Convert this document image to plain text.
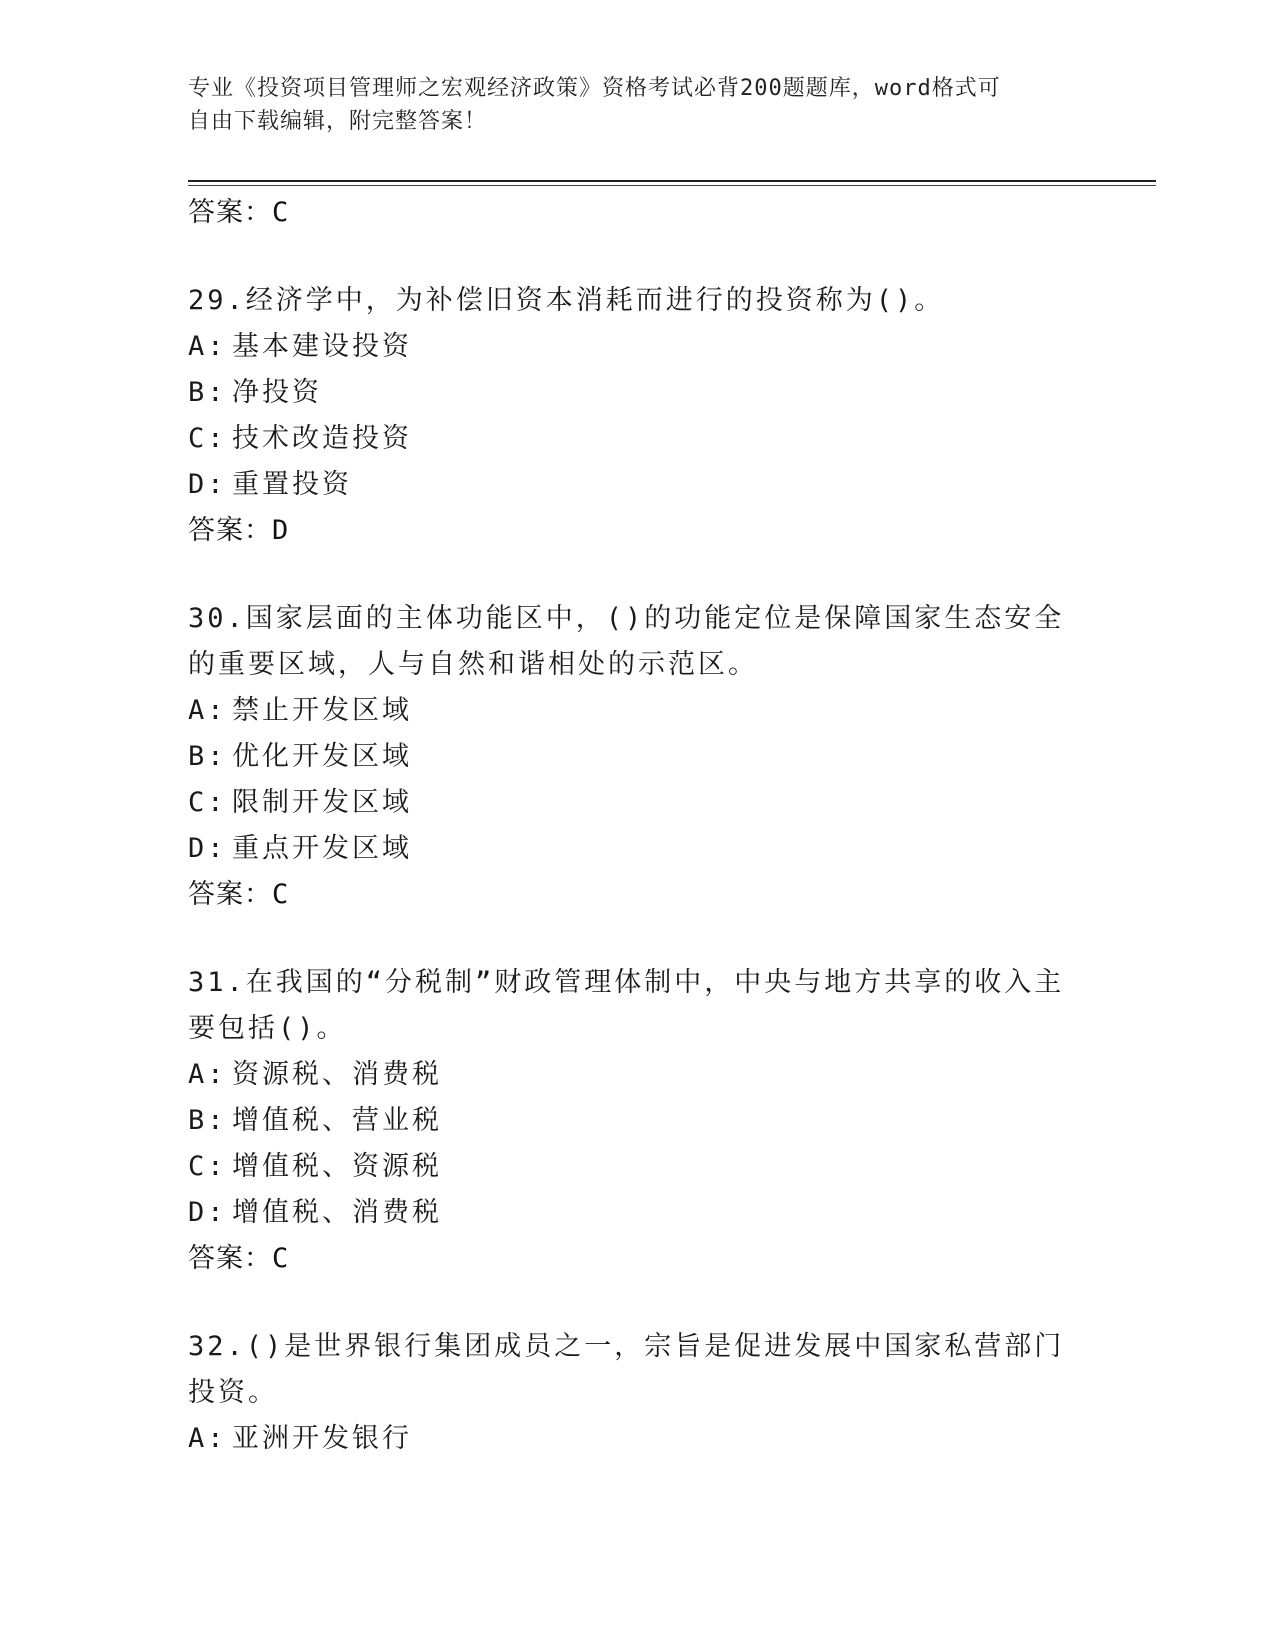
专业《投资项目管理师之宏观经济政策》资格考试必背200题题库，word格式可
自由下载编辑，附完整答案！
答案：C
29.经济学中，为补偿旧资本消耗而进行的投资称为()。
A: 基本建设投资
B: 净投资
C: 技术改造投资
D: 重置投资
答案：D
30.国家层面的主体功能区中，()的功能定位是保障国家生态安全的重要区域，人与自然和谐相处的示范区。
A: 禁止开发区域
B: 优化开发区域
C: 限制开发区域
D: 重点开发区域
答案：C
31.在我国的“分税制”财政管理体制中，中央与地方共享的收入主要包括()。
A: 资源税、消费税
B: 增值税、营业税
C: 增值税、资源税
D: 增值税、消费税
答案：C
32.()是世界银行集团成员之一，宗旨是促进发展中国家私营部门投资。
A: 亚洲开发银行
